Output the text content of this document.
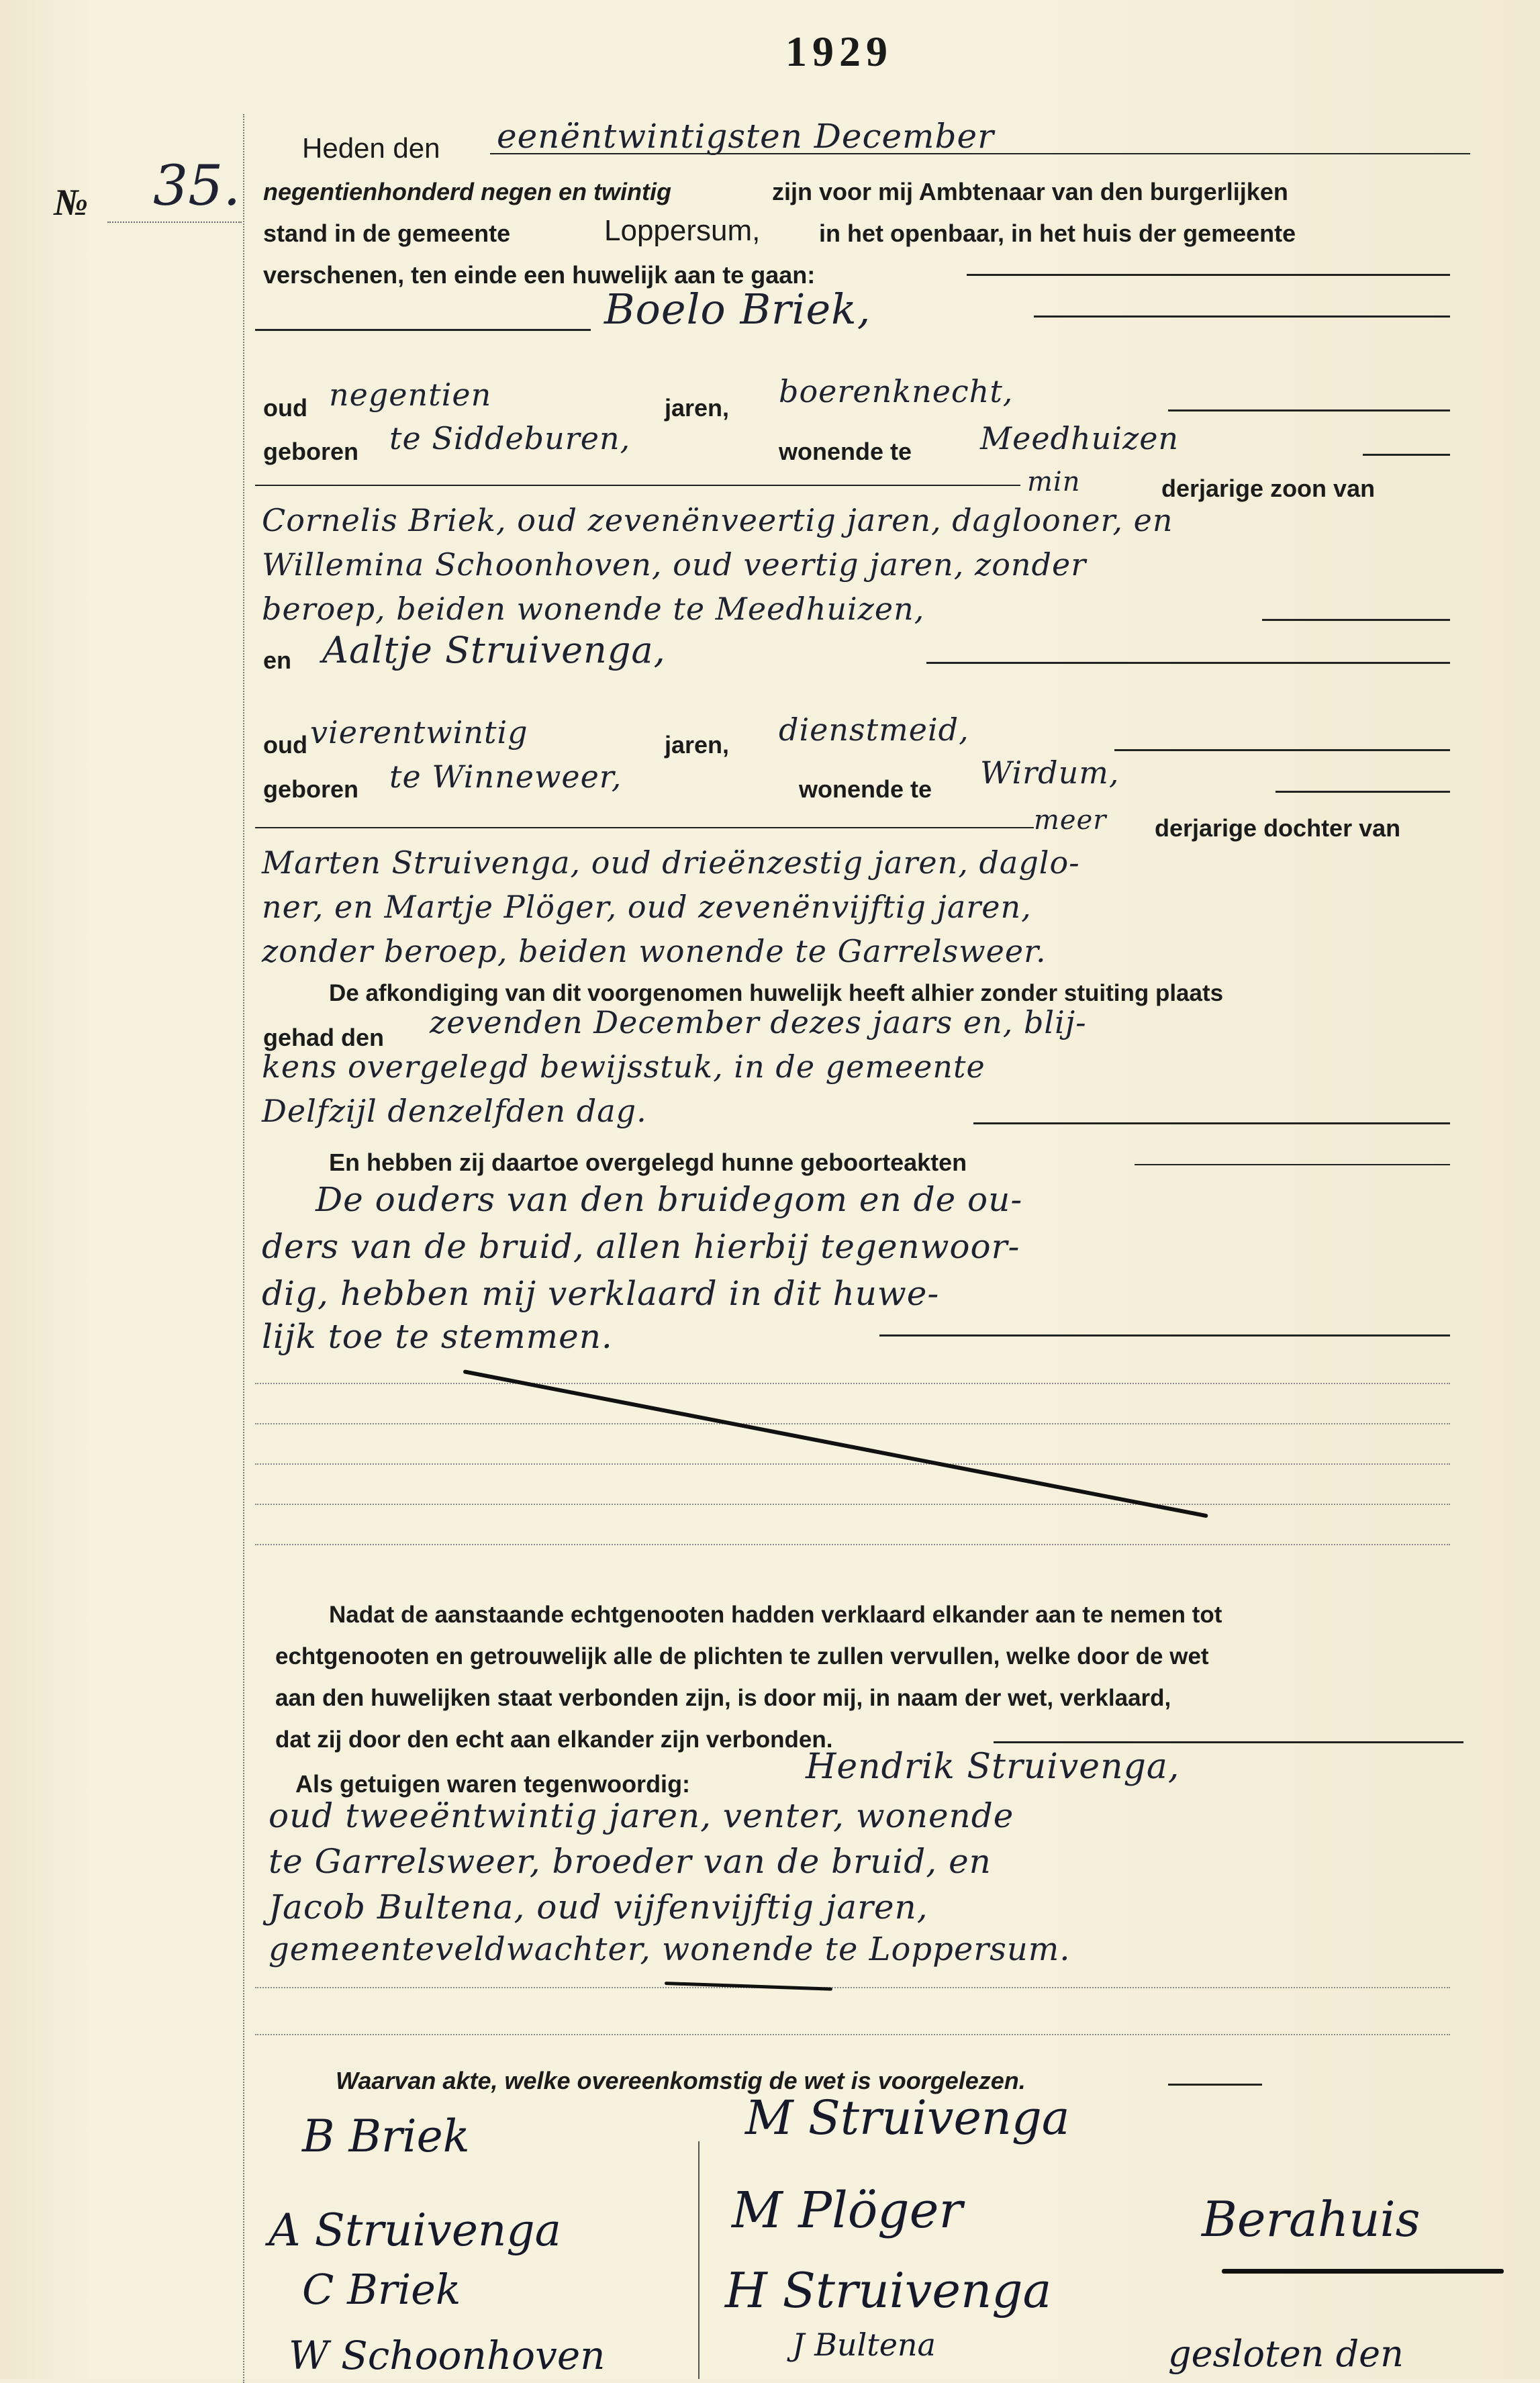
1929
№ 35.
Heden den eenëntwintigsten December
negentienhonderd negen en twintig	zijn voor mij Ambtenaar van den burgerlijken
stand in de gemeente	Loppersum, in het openbaar, in het huis der gemeente
verschenen, ten einde een huwelijk aan te gaan:
Boelo Briek,
oud negentien	jaren, boerenknecht,
geboren te Siddeburen,	wonende te Meedhuizen
min	derjarige zoon van
Cornelis Briek, oud zevenënveertig jaren, daglooner, en
Willemina Schoonhoven, oud veertig jaren, zonder
beroep, beiden wonende te Meedhuizen,
en Aaltje Struivenga,
oud vierentwintig	jaren, dienstmeid,
geboren te Winneweer,	wonende te Wirdum,
meer derjarige dochter van
Marten Struivenga, oud drieënzestig jaren, daglo-
ner, en Martje Plöger, oud zevenënvijftig jaren,
zonder beroep, beiden wonende te Garrelsweer.
De afkondiging van dit voorgenomen huwelijk heeft alhier zonder stuiting plaats
gehad den zevenden December dezes jaars en, blij-
kens overgelegd bewijsstuk, in de gemeente
Delfzijl denzelfden dag.
En hebben zij daartoe overgelegd hunne geboorteakten
De ouders van den bruidegom en de ou-
ders van de bruid, allen hierbij tegenwoor-
dig, hebben mij verklaard in dit huwe-
lijk toe te stemmen.
Nadat de aanstaande echtgenooten hadden verklaard elkander aan te nemen tot
echtgenooten en getrouwelijk alle de plichten te zullen vervullen, welke door de wet
aan den huwelijken staat verbonden zijn, is door mij, in naam der wet, verklaard,
dat zij door den echt aan elkander zijn verbonden.
Als getuigen waren tegenwoordig:	Hendrik Struivenga,
oud tweeëntwintig jaren, venter, wonende
te Garrelsweer, broeder van de bruid, en
Jacob Bultena, oud vijfenvijftig jaren,
gemeenteveldwachter, wonende te Loppersum.
Waarvan akte, welke overeenkomstig de wet is voorgelezen.
B Briek	M Struivenga
A Struivenga	M Plöger	Berahuis
C Briek	H Struivenga
W Schoonhoven	J Bultena	gesloten den
